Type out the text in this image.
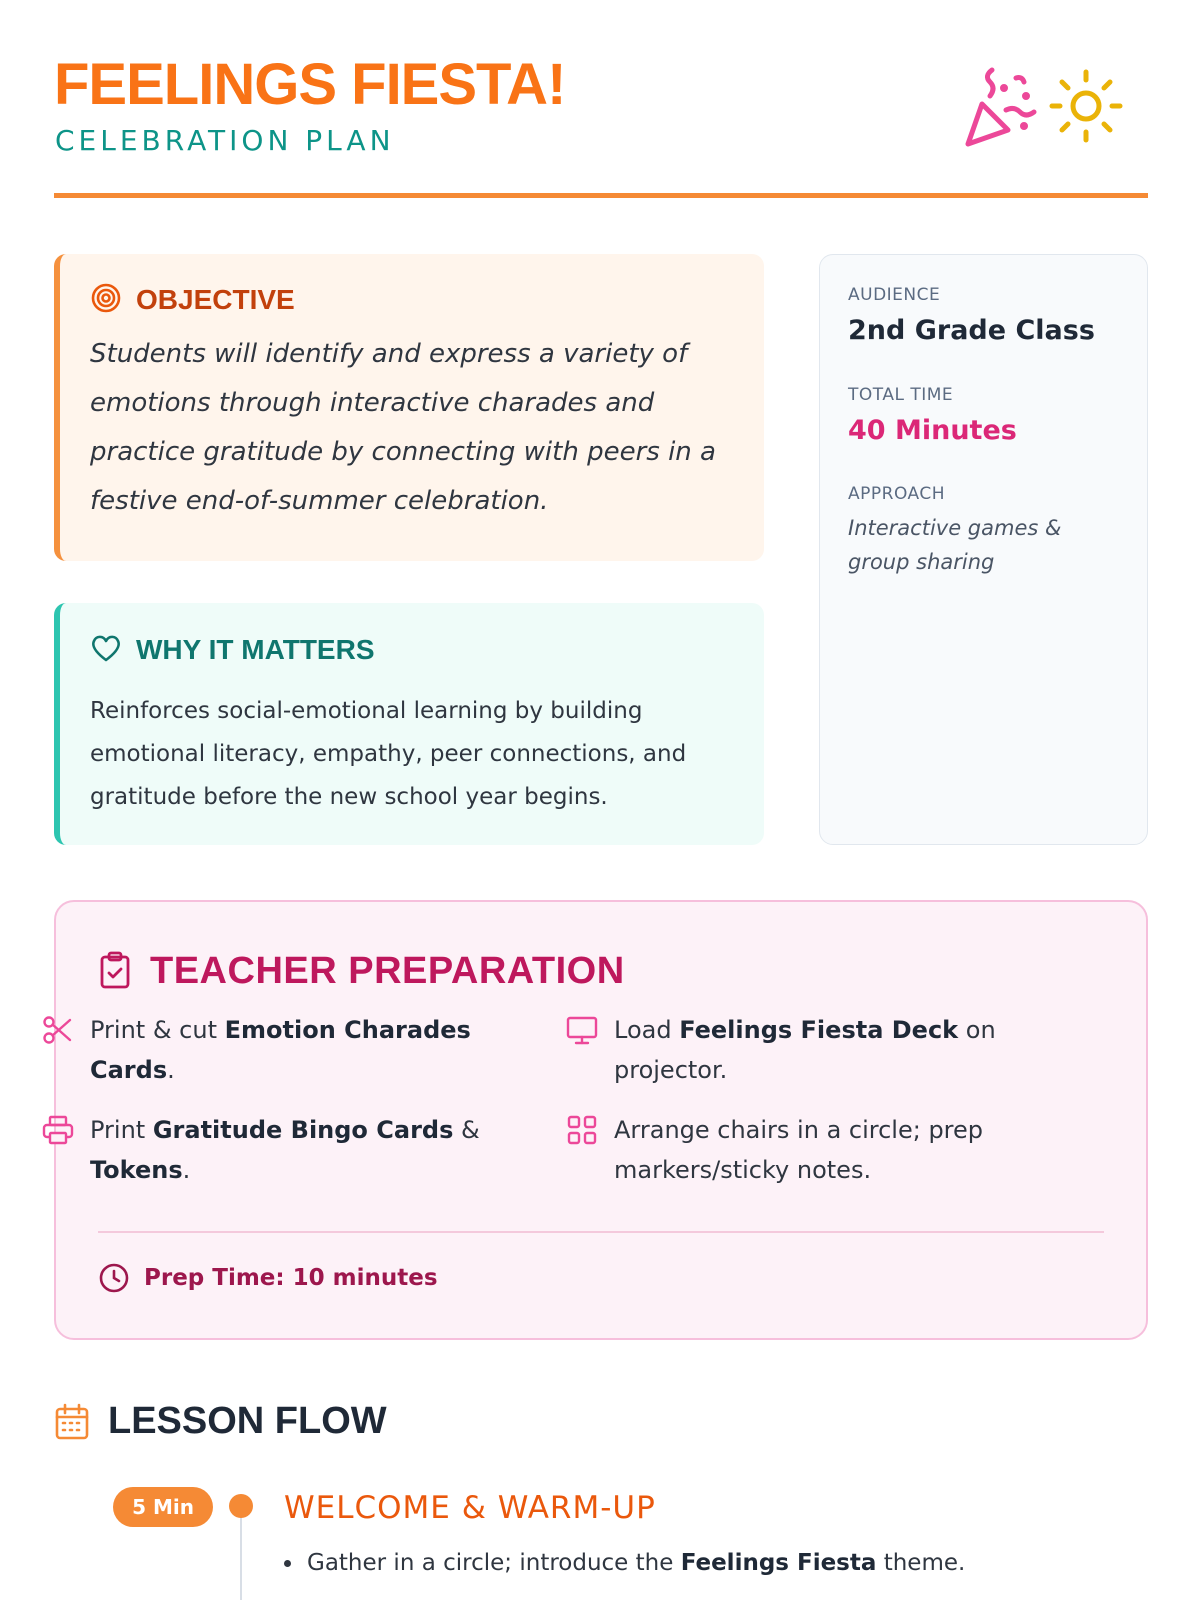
FEELINGS FIESTA!
CELEBRATION PLAN
OBJECTIVE
Students will identify and express a variety of emotions through interactive charades and practice gratitude by connecting with peers in a festive end-of-summer celebration.
WHY IT MATTERS
Reinforces social-emotional learning by building emotional literacy, empathy, peer connections, and gratitude before the new school year begins.
AUDIENCE
2nd Grade Class
TOTAL TIME
40 Minutes
APPROACH
Interactive games & group sharing
TEACHER PREPARATION
Prep Time: 10 minutes
Print & cut Emotion Charades Cards.
Load Feelings Fiesta Deck on projector.
Print Gratitude Bingo Cards & Tokens.
Arrange chairs in a circle; prep markers/sticky notes.
LESSON FLOW
5 Min	WELCOME & WARM-UP
Gather in a circle; introduce the Feelings Fiesta theme.
